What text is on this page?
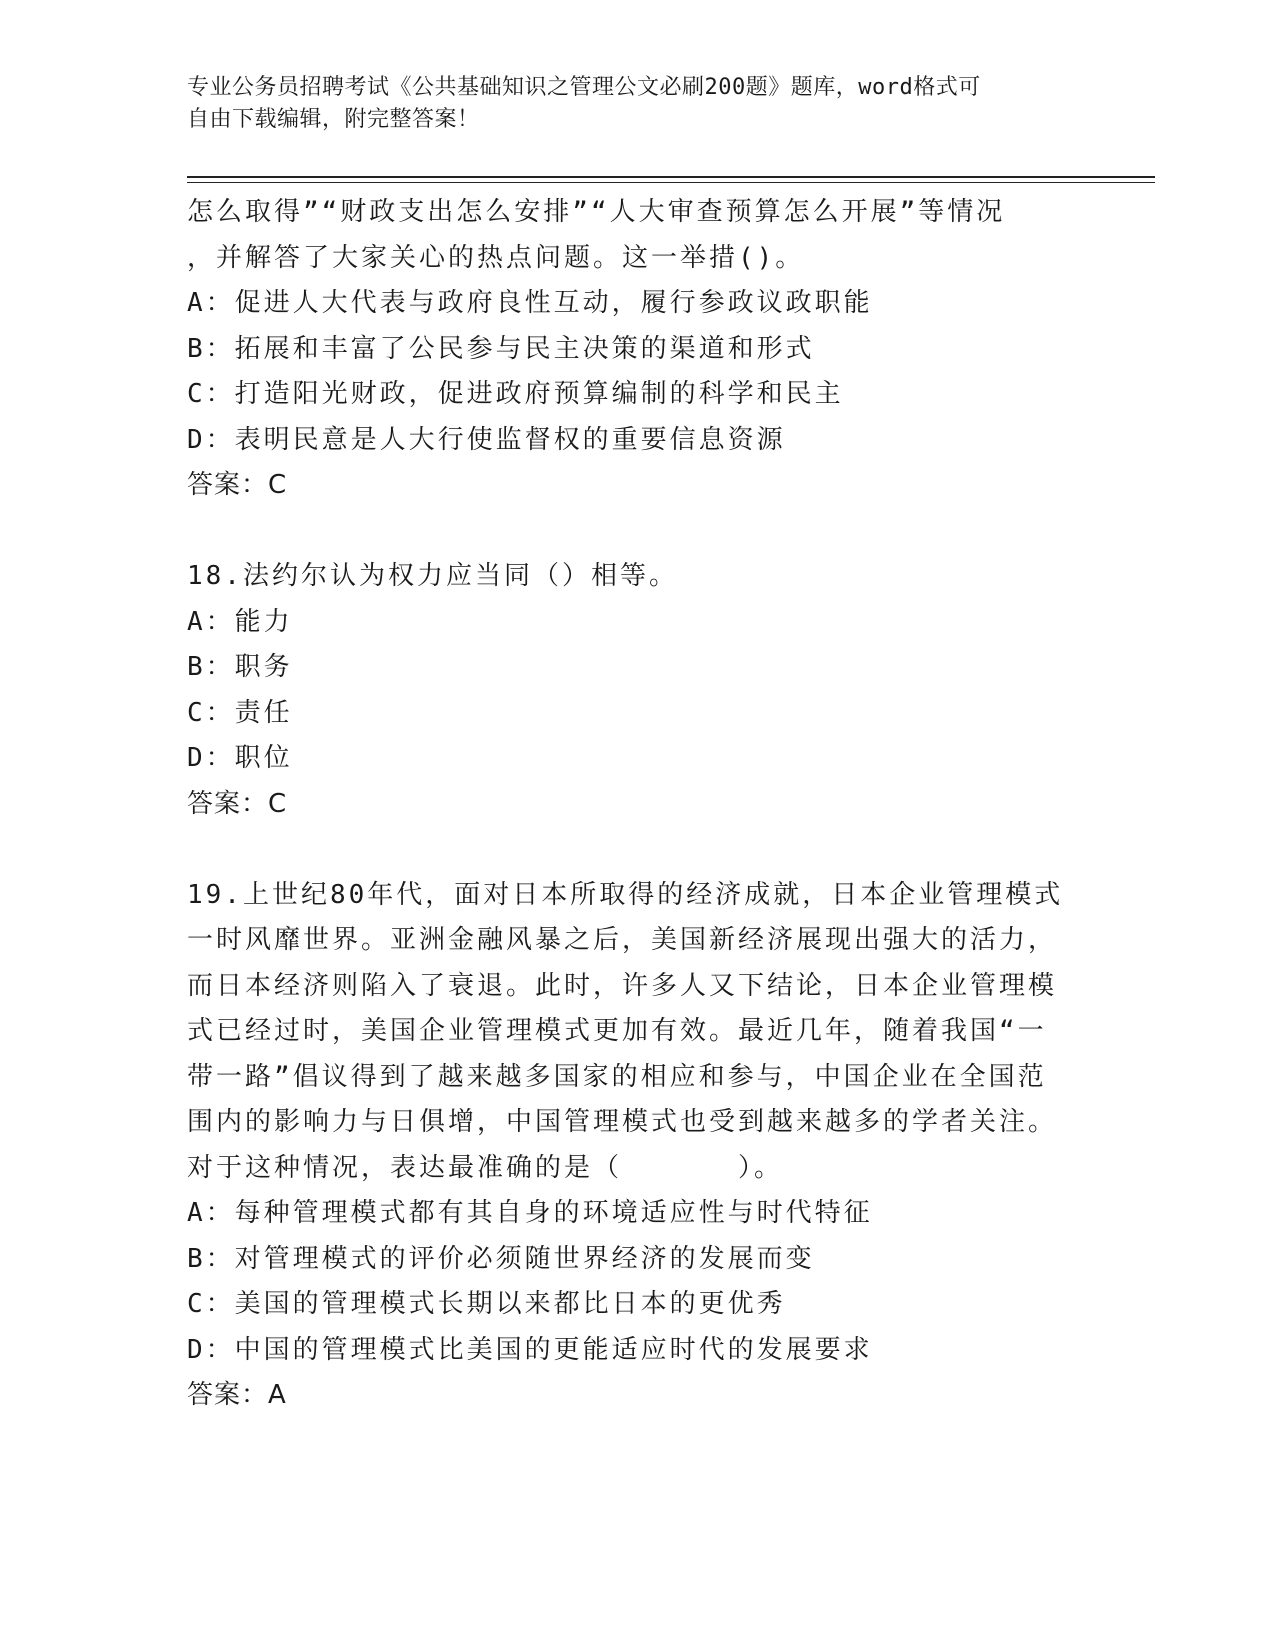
专业公务员招聘考试《公共基础知识之管理公文必刷200题》题库，word格式可
自由下载编辑，附完整答案！
怎么取得”“财政支出怎么安排”“人大审查预算怎么开展”等情况
，并解答了大家关心的热点问题。这一举措()。
A：促进人大代表与政府良性互动，履行参政议政职能
B：拓展和丰富了公民参与民主决策的渠道和形式
C：打造阳光财政，促进政府预算编制的科学和民主
D：表明民意是人大行使监督权的重要信息资源
答案：C
18.法约尔认为权力应当同（）相等。
A：能力
B：职务
C：责任
D：职位
答案：C
19.上世纪80年代，面对日本所取得的经济成就，日本企业管理模式
一时风靡世界。亚洲金融风暴之后，美国新经济展现出强大的活力，
而日本经济则陷入了衰退。此时，许多人又下结论，日本企业管理模
式已经过时，美国企业管理模式更加有效。最近几年，随着我国“一
带一路”倡议得到了越来越多国家的相应和参与，中国企业在全国范
围内的影响力与日俱增，中国管理模式也受到越来越多的学者关注。
对于这种情况，表达最准确的是（　　　　）。
A：每种管理模式都有其自身的环境适应性与时代特征
B：对管理模式的评价必须随世界经济的发展而变
C：美国的管理模式长期以来都比日本的更优秀
D：中国的管理模式比美国的更能适应时代的发展要求
答案：A
